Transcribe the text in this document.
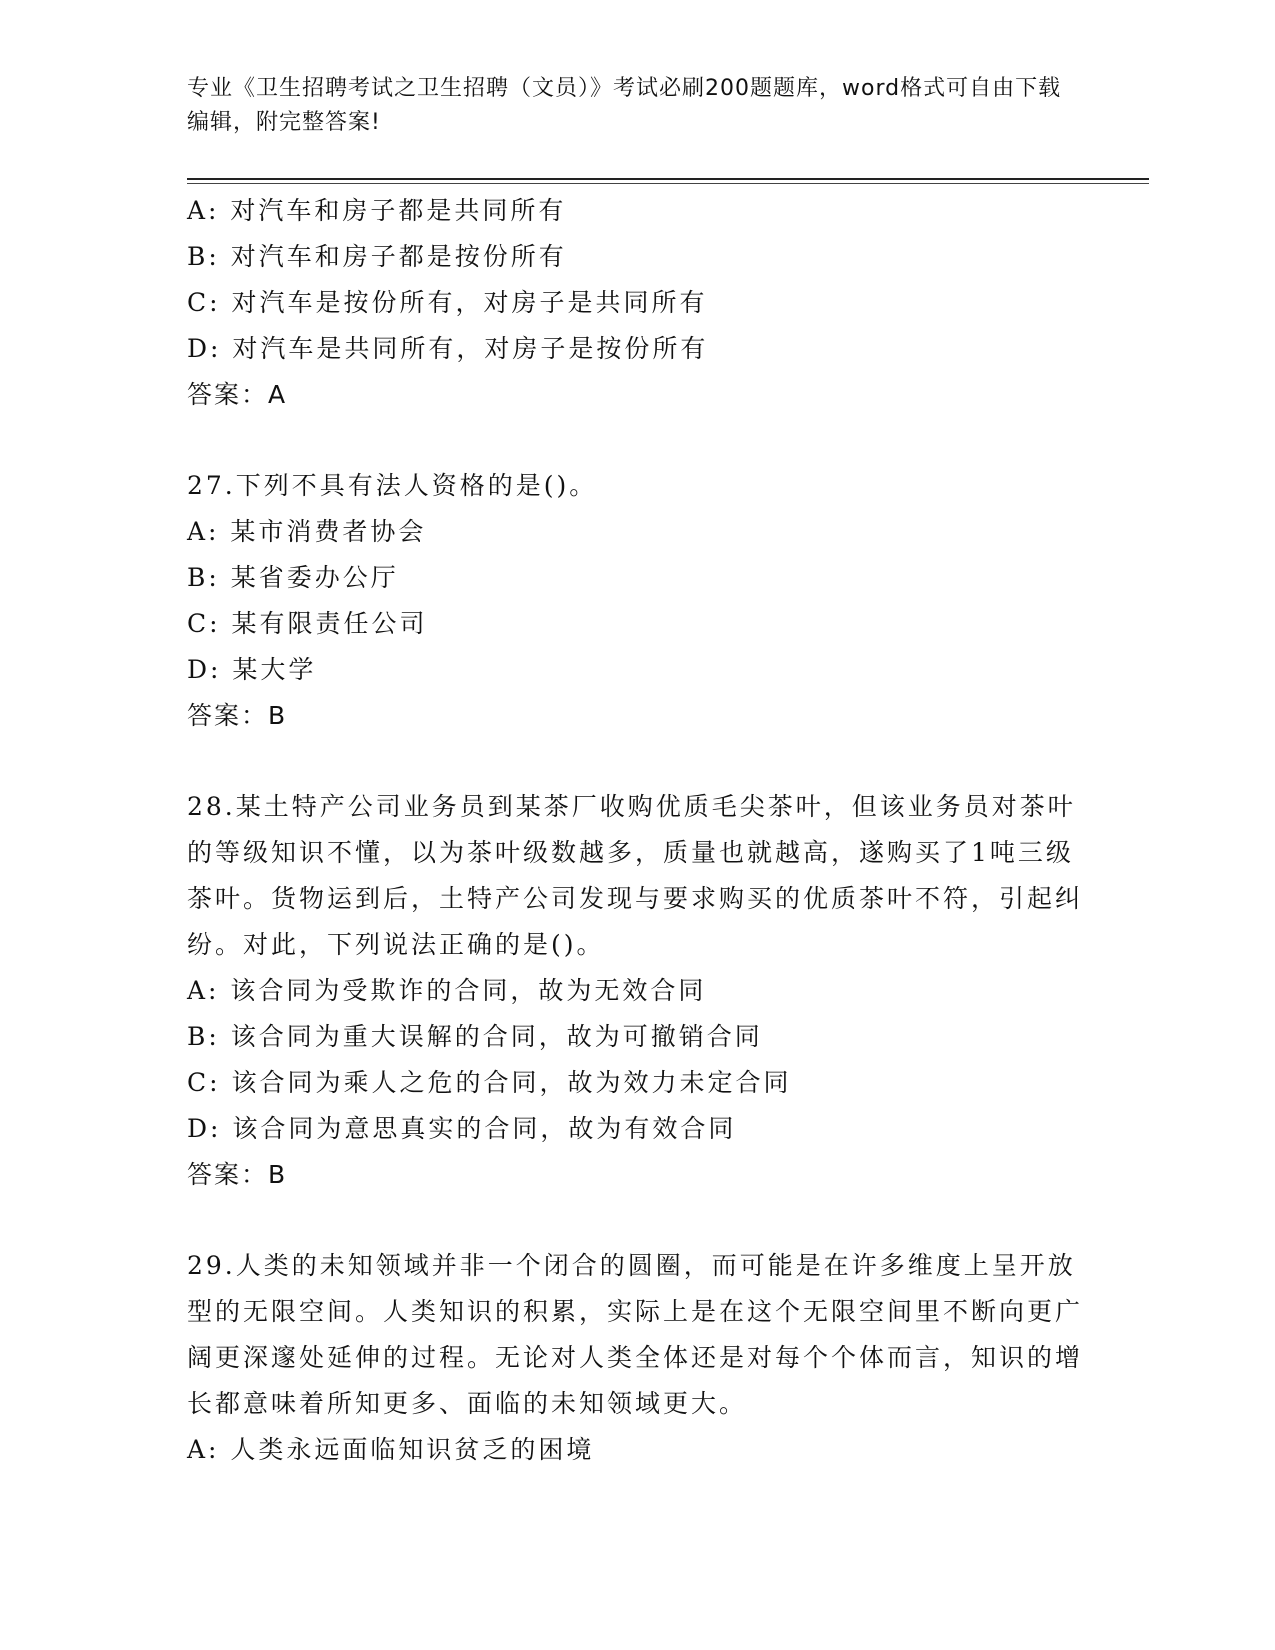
专业《卫生招聘考试之卫生招聘（文员）》考试必刷200题题库，word格式可自由下载编辑，附完整答案!
A: 对汽车和房子都是共同所有
B: 对汽车和房子都是按份所有
C: 对汽车是按份所有，对房子是共同所有
D: 对汽车是共同所有，对房子是按份所有
答案：A
27.下列不具有法人资格的是()。
A: 某市消费者协会
B: 某省委办公厅
C: 某有限责任公司
D: 某大学
答案：B
28.某土特产公司业务员到某茶厂收购优质毛尖茶叶，但该业务员对茶叶的等级知识不懂，以为茶叶级数越多，质量也就越高，遂购买了1吨三级茶叶。货物运到后，土特产公司发现与要求购买的优质茶叶不符，引起纠纷。对此，下列说法正确的是()。
A: 该合同为受欺诈的合同，故为无效合同
B: 该合同为重大误解的合同，故为可撤销合同
C: 该合同为乘人之危的合同，故为效力未定合同
D: 该合同为意思真实的合同，故为有效合同
答案：B
29.人类的未知领域并非一个闭合的圆圈，而可能是在许多维度上呈开放型的无限空间。人类知识的积累，实际上是在这个无限空间里不断向更广阔更深邃处延伸的过程。无论对人类全体还是对每个个体而言，知识的增长都意味着所知更多、面临的未知领域更大。
A: 人类永远面临知识贫乏的困境
